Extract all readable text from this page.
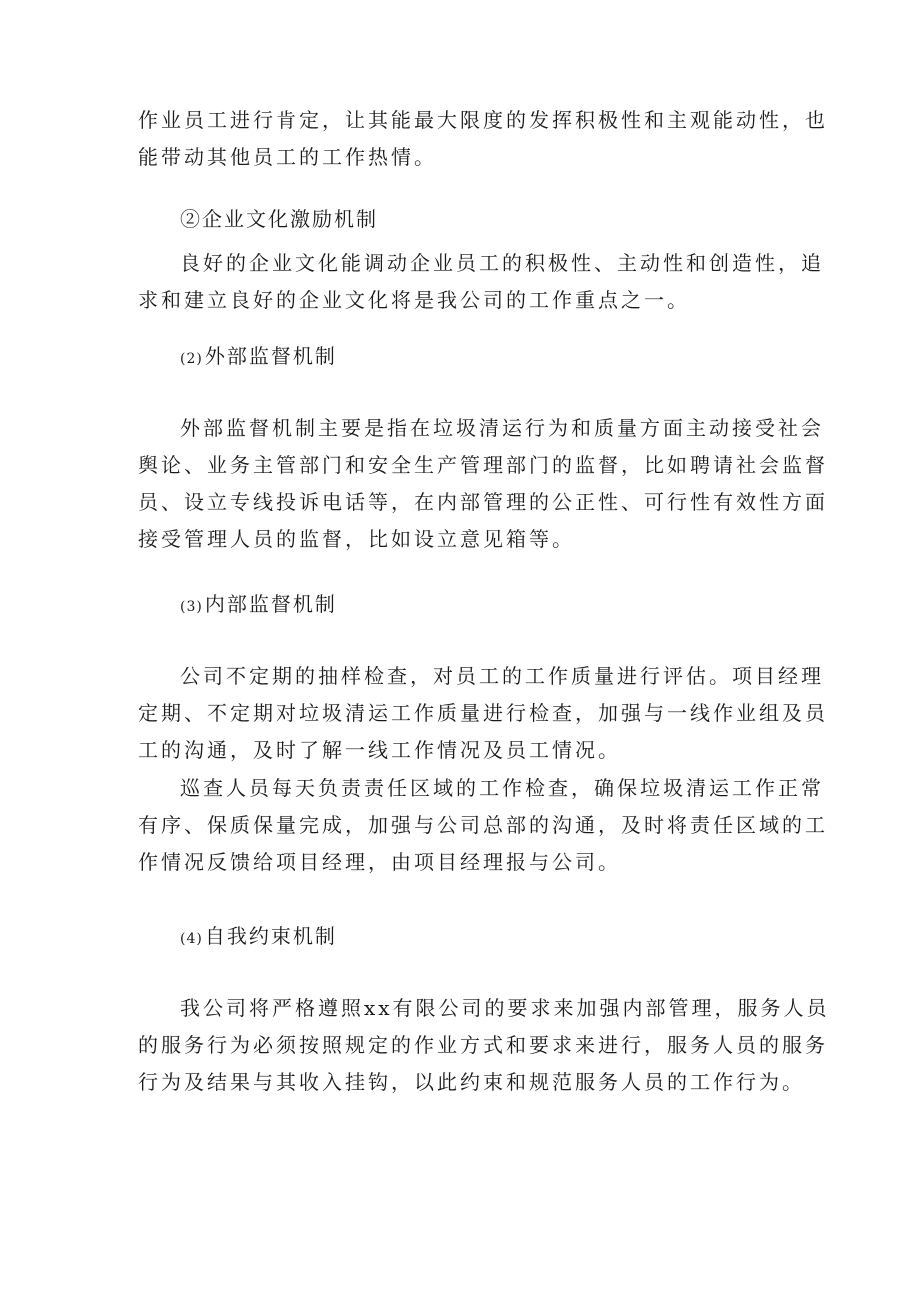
作业员工进行肯定，让其能最大限度的发挥积极性和主观能动性，也
能带动其他员工的工作热情。
②企业文化激励机制
良好的企业文化能调动企业员工的积极性、主动性和创造性，追
求和建立良好的企业文化将是我公司的工作重点之一。
(2) 外部监督机制
外部监督机制主要是指在垃圾清运行为和质量方面主动接受社会
舆论、业务主管部门和安全生产管理部门的监督，比如聘请社会监督
员、设立专线投诉电话等，在内部管理的公正性、可行性有效性方面
接受管理人员的监督，比如设立意见箱等。
(3) 内部监督机制
公司不定期的抽样检查，对员工的工作质量进行评估。项目经理
定期、不定期对垃圾清运工作质量进行检查，加强与一线作业组及员
工的沟通，及时了解一线工作情况及员工情况。
巡查人员每天负责责任区域的工作检查，确保垃圾清运工作正常
有序、保质保量完成，加强与公司总部的沟通，及时将责任区域的工
作情况反馈给项目经理，由项目经理报与公司。
(4) 自我约束机制
我公司将严格遵照xx有限公司的要求来加强内部管理，服务人员
的服务行为必须按照规定的作业方式和要求来进行，服务人员的服务
行为及结果与其收入挂钩，以此约束和规范服务人员的工作行为。
